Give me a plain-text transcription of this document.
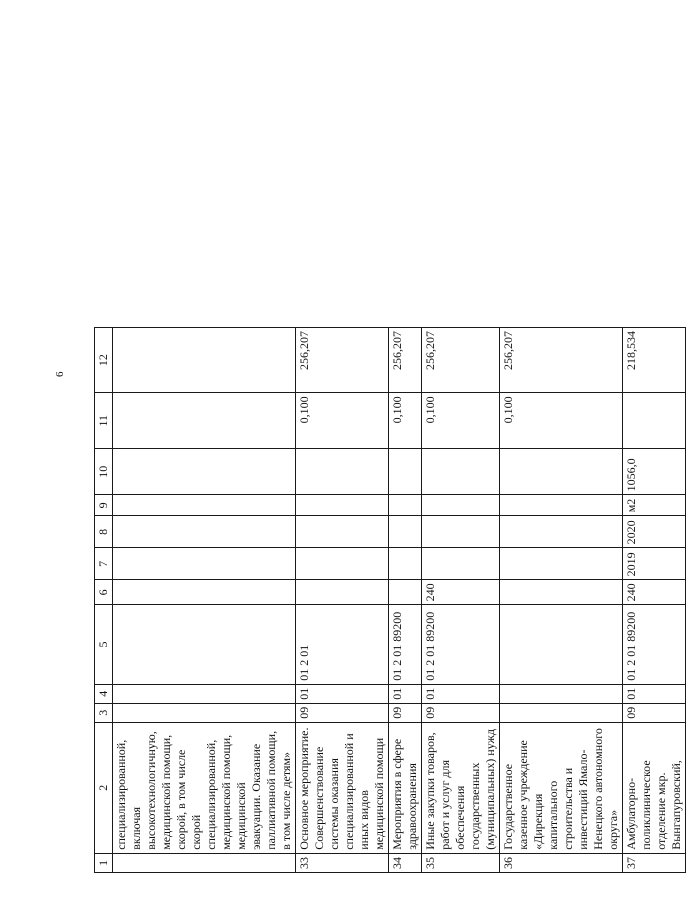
6
1	2	3	4	5	6	7	8	9	10	11	12
	специализированной, включая высокотехнологичную, медицинской помощи, скорой, в том числе скорой специализированной, медицинской помощи, медицинской эвакуации. Оказание паллиативной помощи, в том числе детям»										
33	Основное мероприятие. Совершенствование системы оказания специализированной и иных видов медицинской помощи	09	01	01 2 01						0,100	256,207
34	Мероприятия в сфере здравоохранения	09	01	01 2 01 89200						0,100	256,207
35	Иные закупки товаров, работ и услуг для обеспечения государственных (муниципальных) нужд	09	01	01 2 01 89200	240					0,100	256,207
36	Государственное казенное учреждение «Дирекция капитального строительства и инвестиций Ямало-Ненецкого автономного округа»									0,100	256,207
37	Амбулаторно-поликлиническое отделение мкр. Вынгапуровский,	09	01	01 2 01 89200	240	2019	2020	м2	1056,0		218,534
